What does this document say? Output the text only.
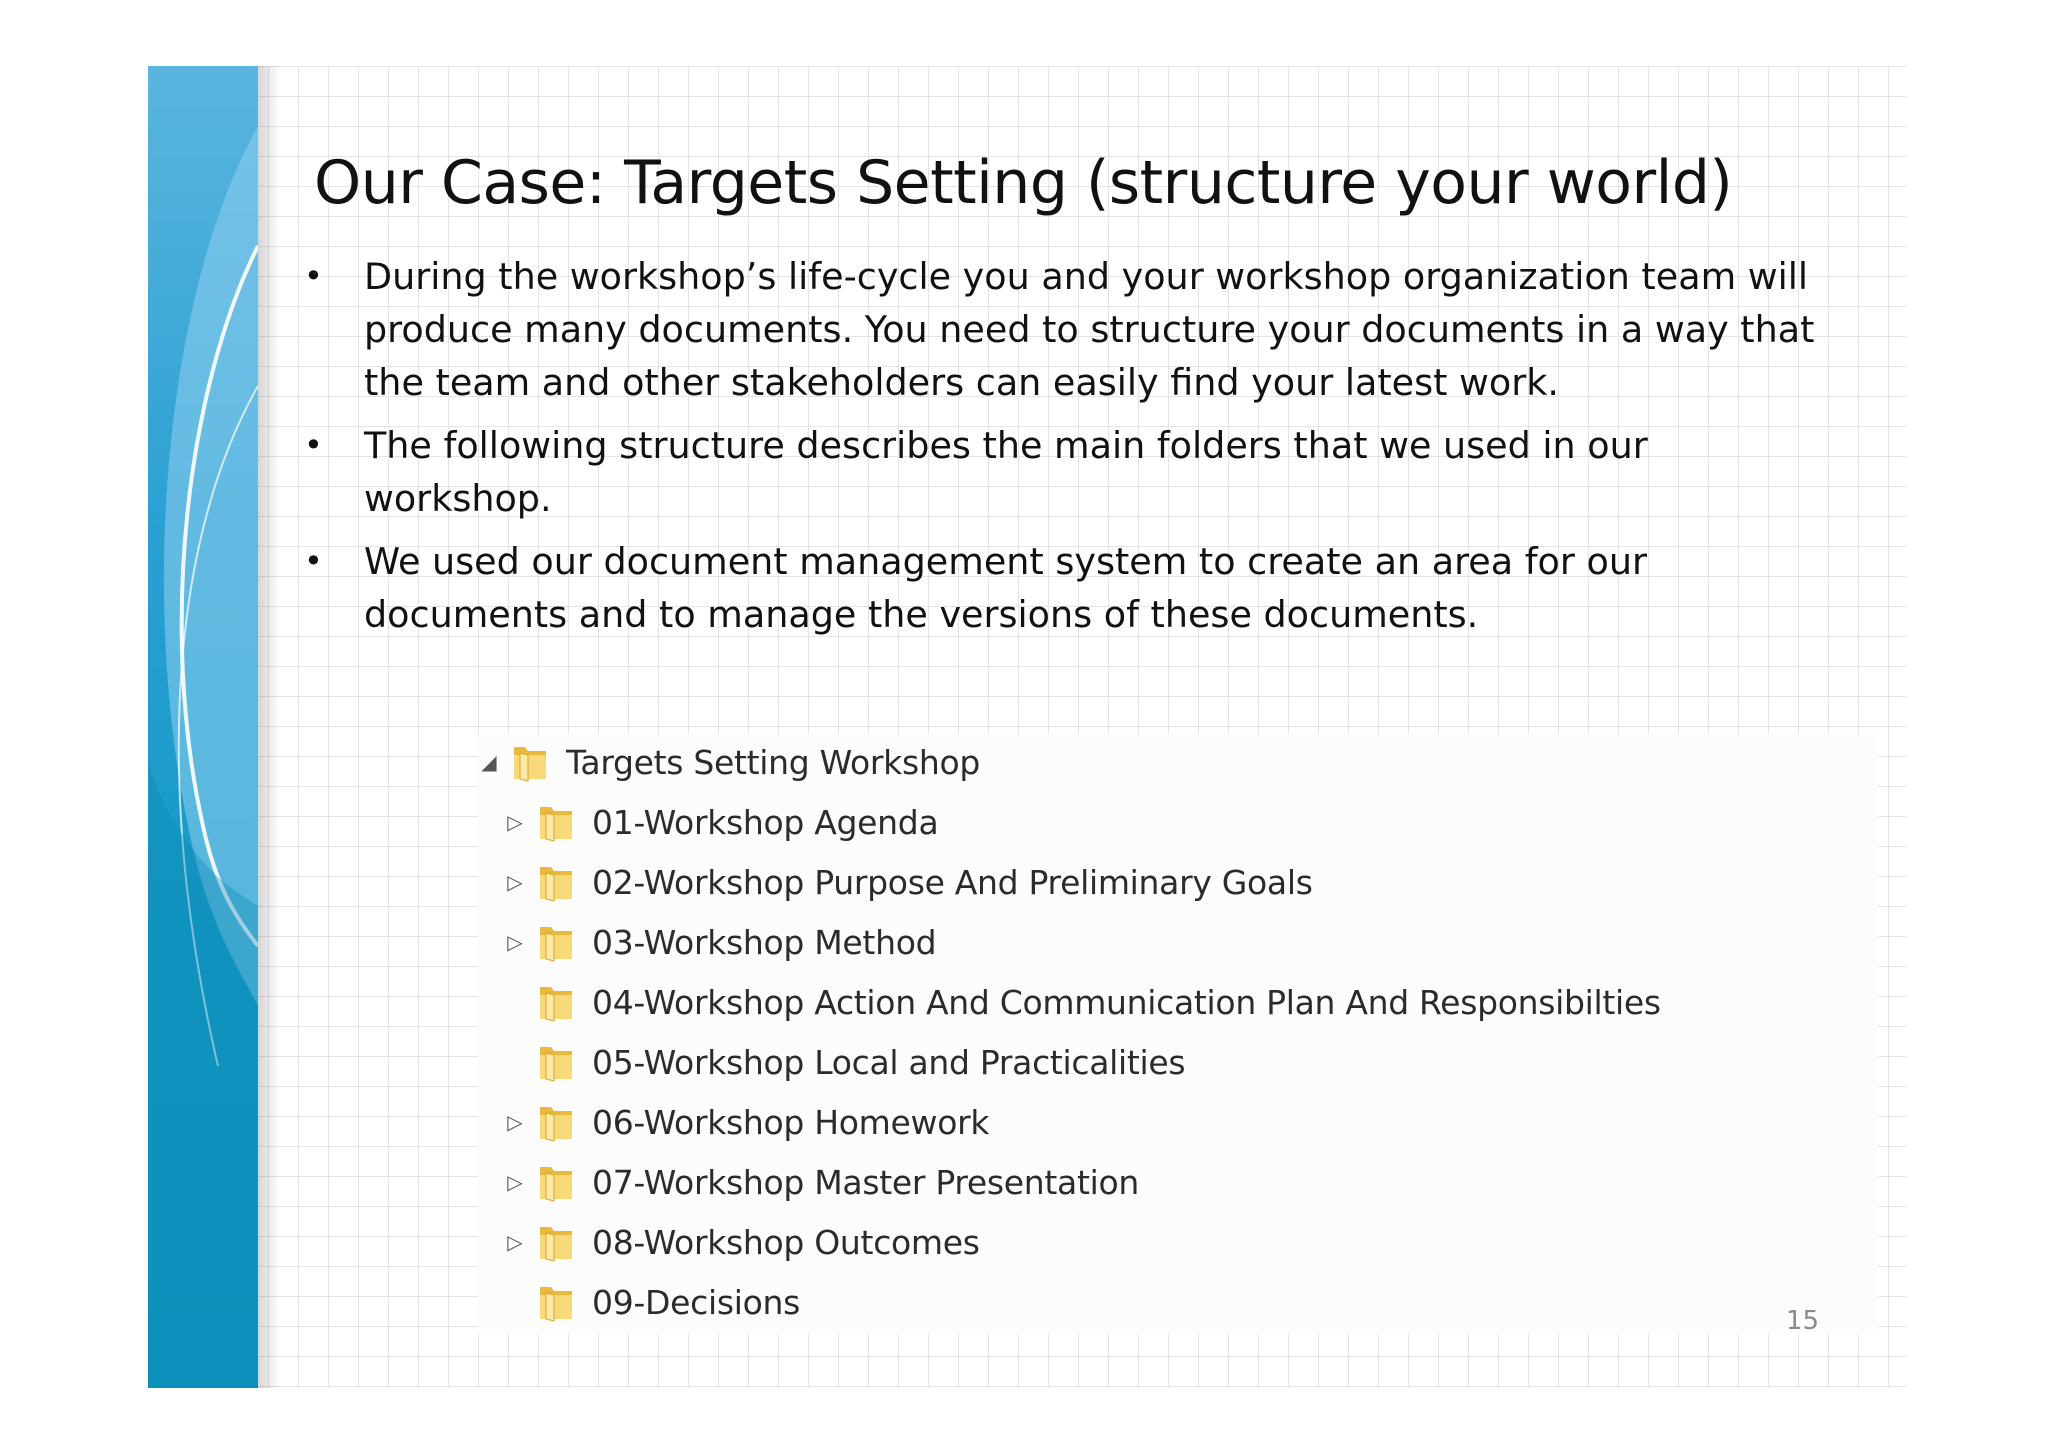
Our Case: Targets Setting (structure your world)
• During the workshop’s life-cycle you and your workshop organization team will produce many documents. You need to structure your documents in a way that the team and other stakeholders can easily find your latest work.
• The following structure describes the main folders that we used in our workshop.
• We used our document management system to create an area for our documents and to manage the versions of these documents.
◢ Targets Setting Workshop
▷ 01-Workshop Agenda
▷ 02-Workshop Purpose And Preliminary Goals
▷ 03-Workshop Method
04-Workshop Action And Communication Plan And Responsibilties
05-Workshop Local and Practicalities
▷ 06-Workshop Homework
▷ 07-Workshop Master Presentation
▷ 08-Workshop Outcomes
09-Decisions	15
